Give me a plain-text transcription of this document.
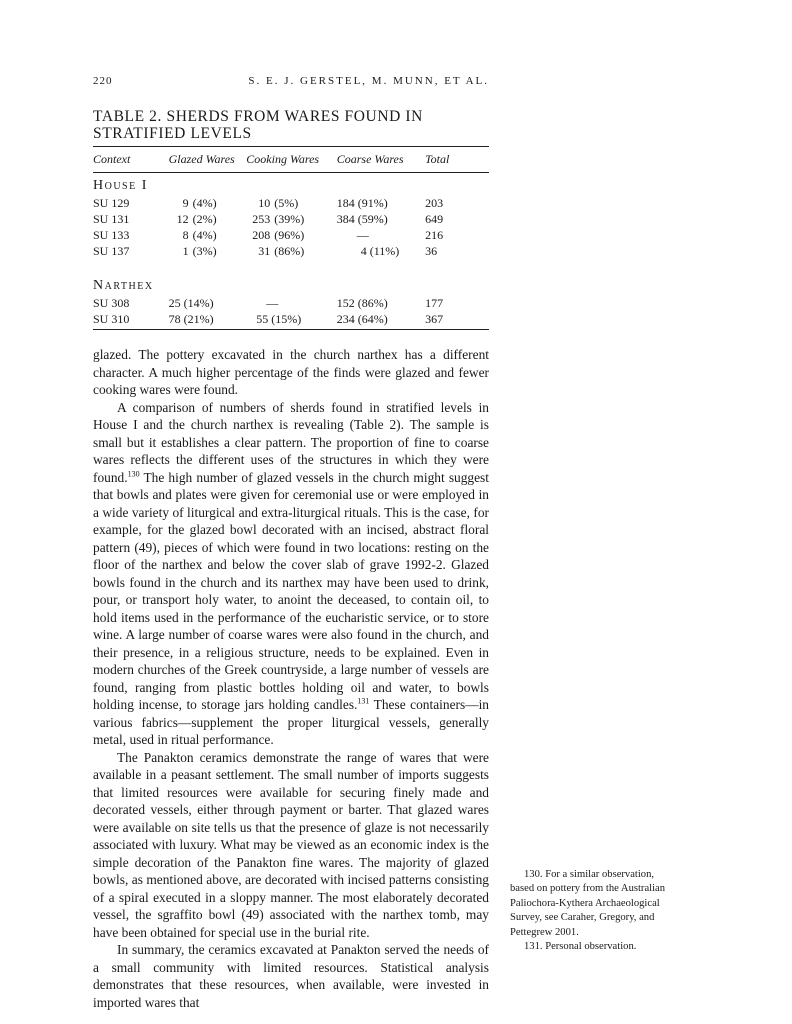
220	S. E. J. GERSTEL, M. MUNN, ET AL.
TABLE 2. SHERDS FROM WARES FOUND IN
STRATIFIED LEVELS
Context	Glazed Wares	Cooking Wares	Coarse Wares	Total
House I				
SU 129	9 (4%)	10 (5%)	184 (91%)	203
SU 131	12 (2%)	253 (39%)	384 (59%)	649
SU 133	8 (4%)	208 (96%)	—	216
SU 137	1 (3%)	31 (86%)	4 (11%)	36

Narthex				
SU 308	25 (14%)	—	152 (86%)	177
SU 310	78 (21%)	55 (15%)	234 (64%)	367

glazed. The pottery excavated in the church narthex has a different character. A much higher percentage of the finds were glazed and fewer cooking wares were found.

A comparison of numbers of sherds found in stratified levels in House I and the church narthex is revealing (Table 2). The sample is small but it establishes a clear pattern. The proportion of fine to coarse wares reflects the different uses of the structures in which they were found.$^{130}$ The high number of glazed vessels in the church might suggest that bowls and plates were given for ceremonial use or were employed in a wide variety of liturgical and extra-liturgical rituals. This is the case, for example, for the glazed bowl decorated with an incised, abstract floral pattern (49), pieces of which were found in two locations: resting on the floor of the narthex and below the cover slab of grave 1992-2. Glazed bowls found in the church and its narthex may have been used to drink, pour, or transport holy water, to anoint the deceased, to contain oil, to hold items used in the performance of the eucharistic service, or to store wine. A large number of coarse wares were also found in the church, and their presence, in a religious structure, needs to be explained. Even in modern churches of the Greek countryside, a large number of vessels are found, ranging from plastic bottles holding oil and water, to bowls holding incense, to storage jars holding candles.$^{131}$ These containers—in various fabrics—supplement the proper liturgical vessels, generally metal, used in ritual performance.

The Panakton ceramics demonstrate the range of wares that were available in a peasant settlement. The small number of imports suggests that limited resources were available for securing finely made and decorated vessels, either through payment or barter. That glazed wares were available on site tells us that the presence of glaze is not necessarily associated with luxury. What may be viewed as an economic index is the simple decoration of the Panakton fine wares. The majority of glazed bowls, as mentioned above, are decorated with incised patterns consisting of a spiral executed in a sloppy manner. The most elaborately decorated vessel, the sgraffito bowl (49) associated with the narthex tomb, may have been obtained for special use in the burial rite.

In summary, the ceramics excavated at Panakton served the needs of a small community with limited resources. Statistical analysis demonstrates that these resources, when available, were invested in imported wares that

130. For a similar observation, based on pottery from the Australian Paliochora-Kythera Archaeological Survey, see Caraher, Gregory, and Pettegrew 2001.

131. Personal observation.
